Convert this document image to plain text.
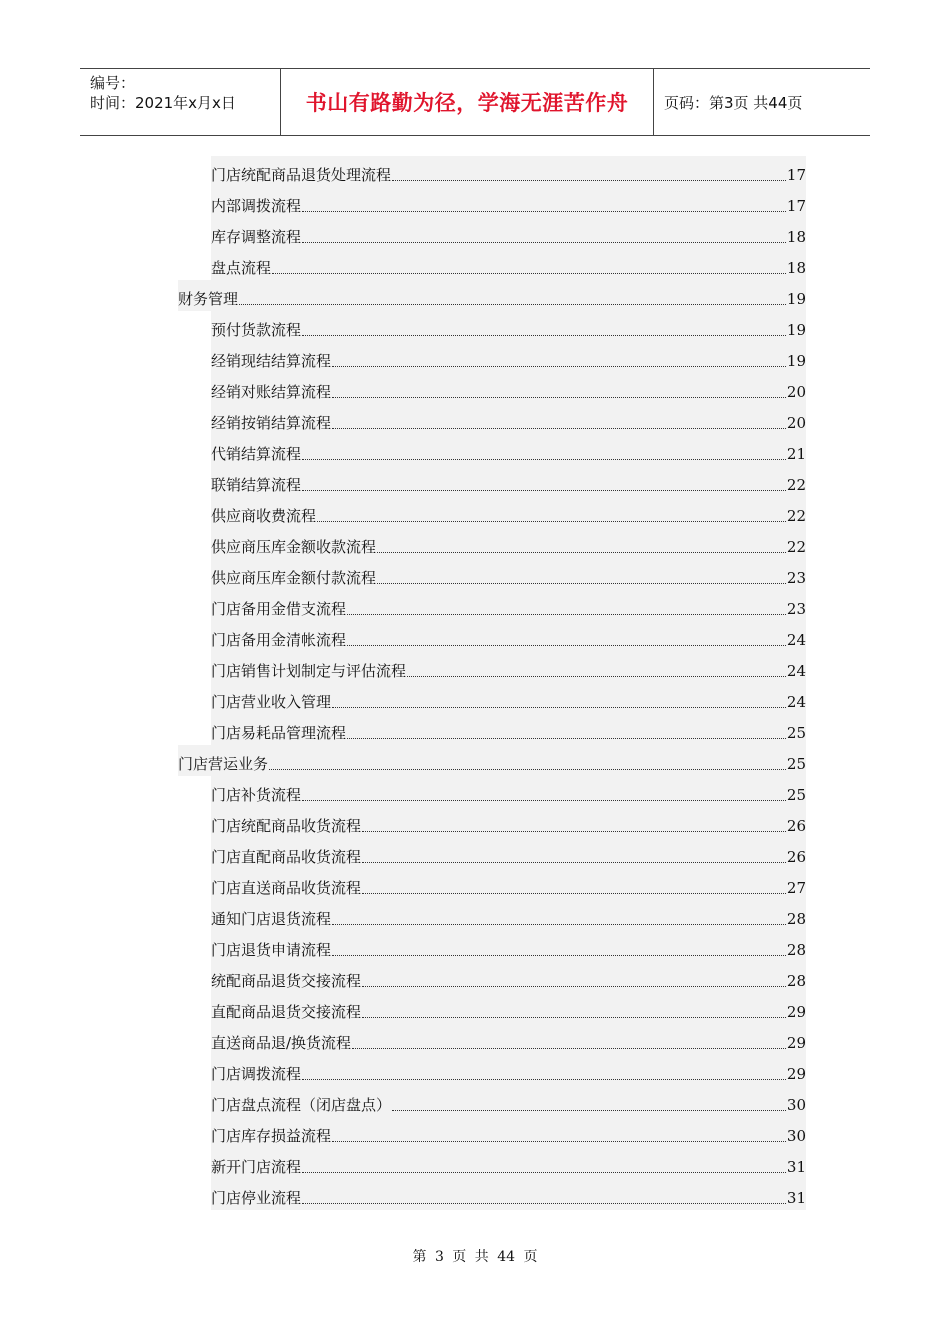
编号：
时间：2021年x月x日	书山有路勤为径，学海无涯苦作舟	页码：第3页 共44页
门店统配商品退货处理流程	17
内部调拨流程	17
库存调整流程	18
盘点流程	18
财务管理	19
预付货款流程	19
经销现结结算流程	19
经销对账结算流程	20
经销按销结算流程	20
代销结算流程	21
联销结算流程	22
供应商收费流程	22
供应商压库金额收款流程	22
供应商压库金额付款流程	23
门店备用金借支流程	23
门店备用金清帐流程	24
门店销售计划制定与评估流程	24
门店营业收入管理	24
门店易耗品管理流程	25
门店营运业务	25
门店补货流程	25
门店统配商品收货流程	26
门店直配商品收货流程	26
门店直送商品收货流程	27
通知门店退货流程	28
门店退货申请流程	28
统配商品退货交接流程	28
直配商品退货交接流程	29
直送商品退/换货流程	29
门店调拨流程	29
门店盘点流程（闭店盘点）	30
门店库存损益流程	30
新开门店流程	31
门店停业流程	31
第 3 页 共 44 页
